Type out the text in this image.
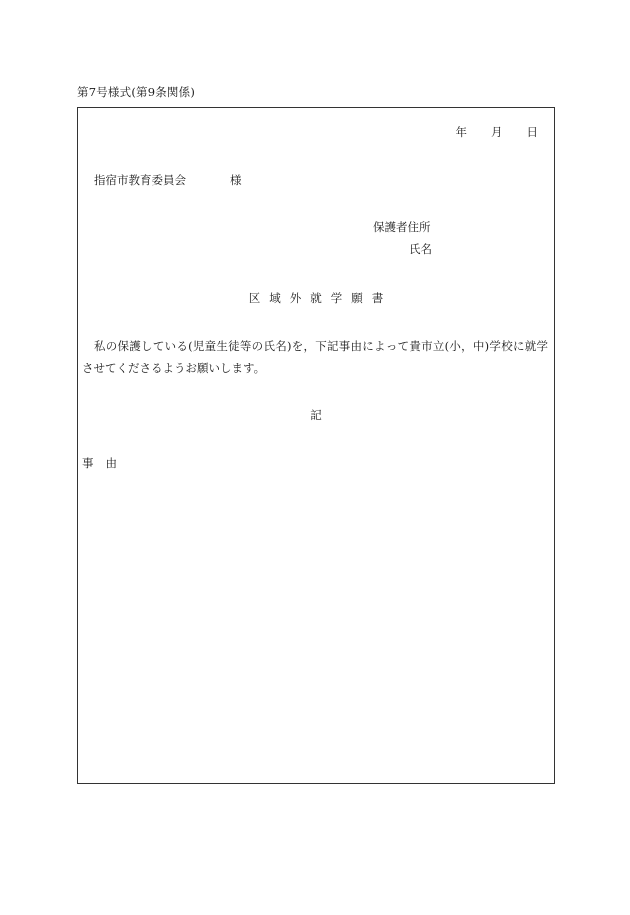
第7号様式(第9条関係)
年 月 日
指宿市教育委員会	様
保護者住所
氏名
区域外就学願書
私の保護している(児童生徒等の氏名)を，下記事由によって貴市立(小，中)学校に就学させてくださるようお願いします。
記
事由
